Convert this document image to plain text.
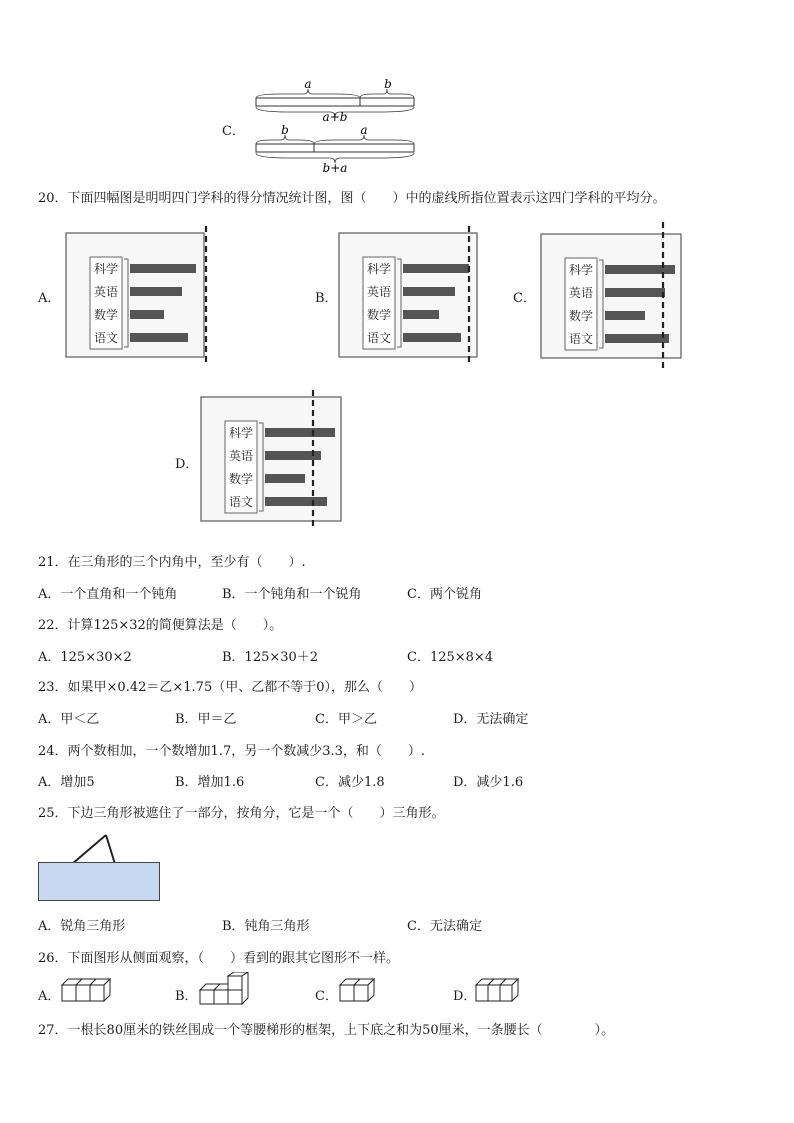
C．
a	b
a+b
b	a
b+a
20．下面四幅图是明明四门学科的得分情况统计图，图（　　）中的虚线所指位置表示这四门学科的平均分。
A．	B．	C．
D．
科学
英语
数学
语文
科学
英语
数学
语文
科学
英语
数学
语文
科学
英语
数学
语文
21．在三角形的三个内角中，至少有（　　）.
A．一个直角和一个钝角	B．一个钝角和一个锐角	C．两个锐角
22．计算125×32的简便算法是（　　）。
A．125×30×2	B．125×30＋2	C．125×8×4
23．如果甲×0.42＝乙×1.75（甲、乙都不等于0），那么（　　）
A．甲＜乙	B．甲＝乙	C．甲＞乙	D．无法确定
24．两个数相加，一个数增加1.7，另一个数减少3.3，和（　　）.
A．增加5	B．增加1.6	C．减少1.8	D．减少1.6
25．下边三角形被遮住了一部分，按角分，它是一个（　　）三角形。
A．锐角三角形	B．钝角三角形	C．无法确定
26．下面图形从侧面观察，（　　）看到的跟其它图形不一样。
A．	B．	C．	D．
27．一根长80厘米的铁丝围成一个等腰梯形的框架，上下底之和为50厘米，一条腰长（　　　　）。
